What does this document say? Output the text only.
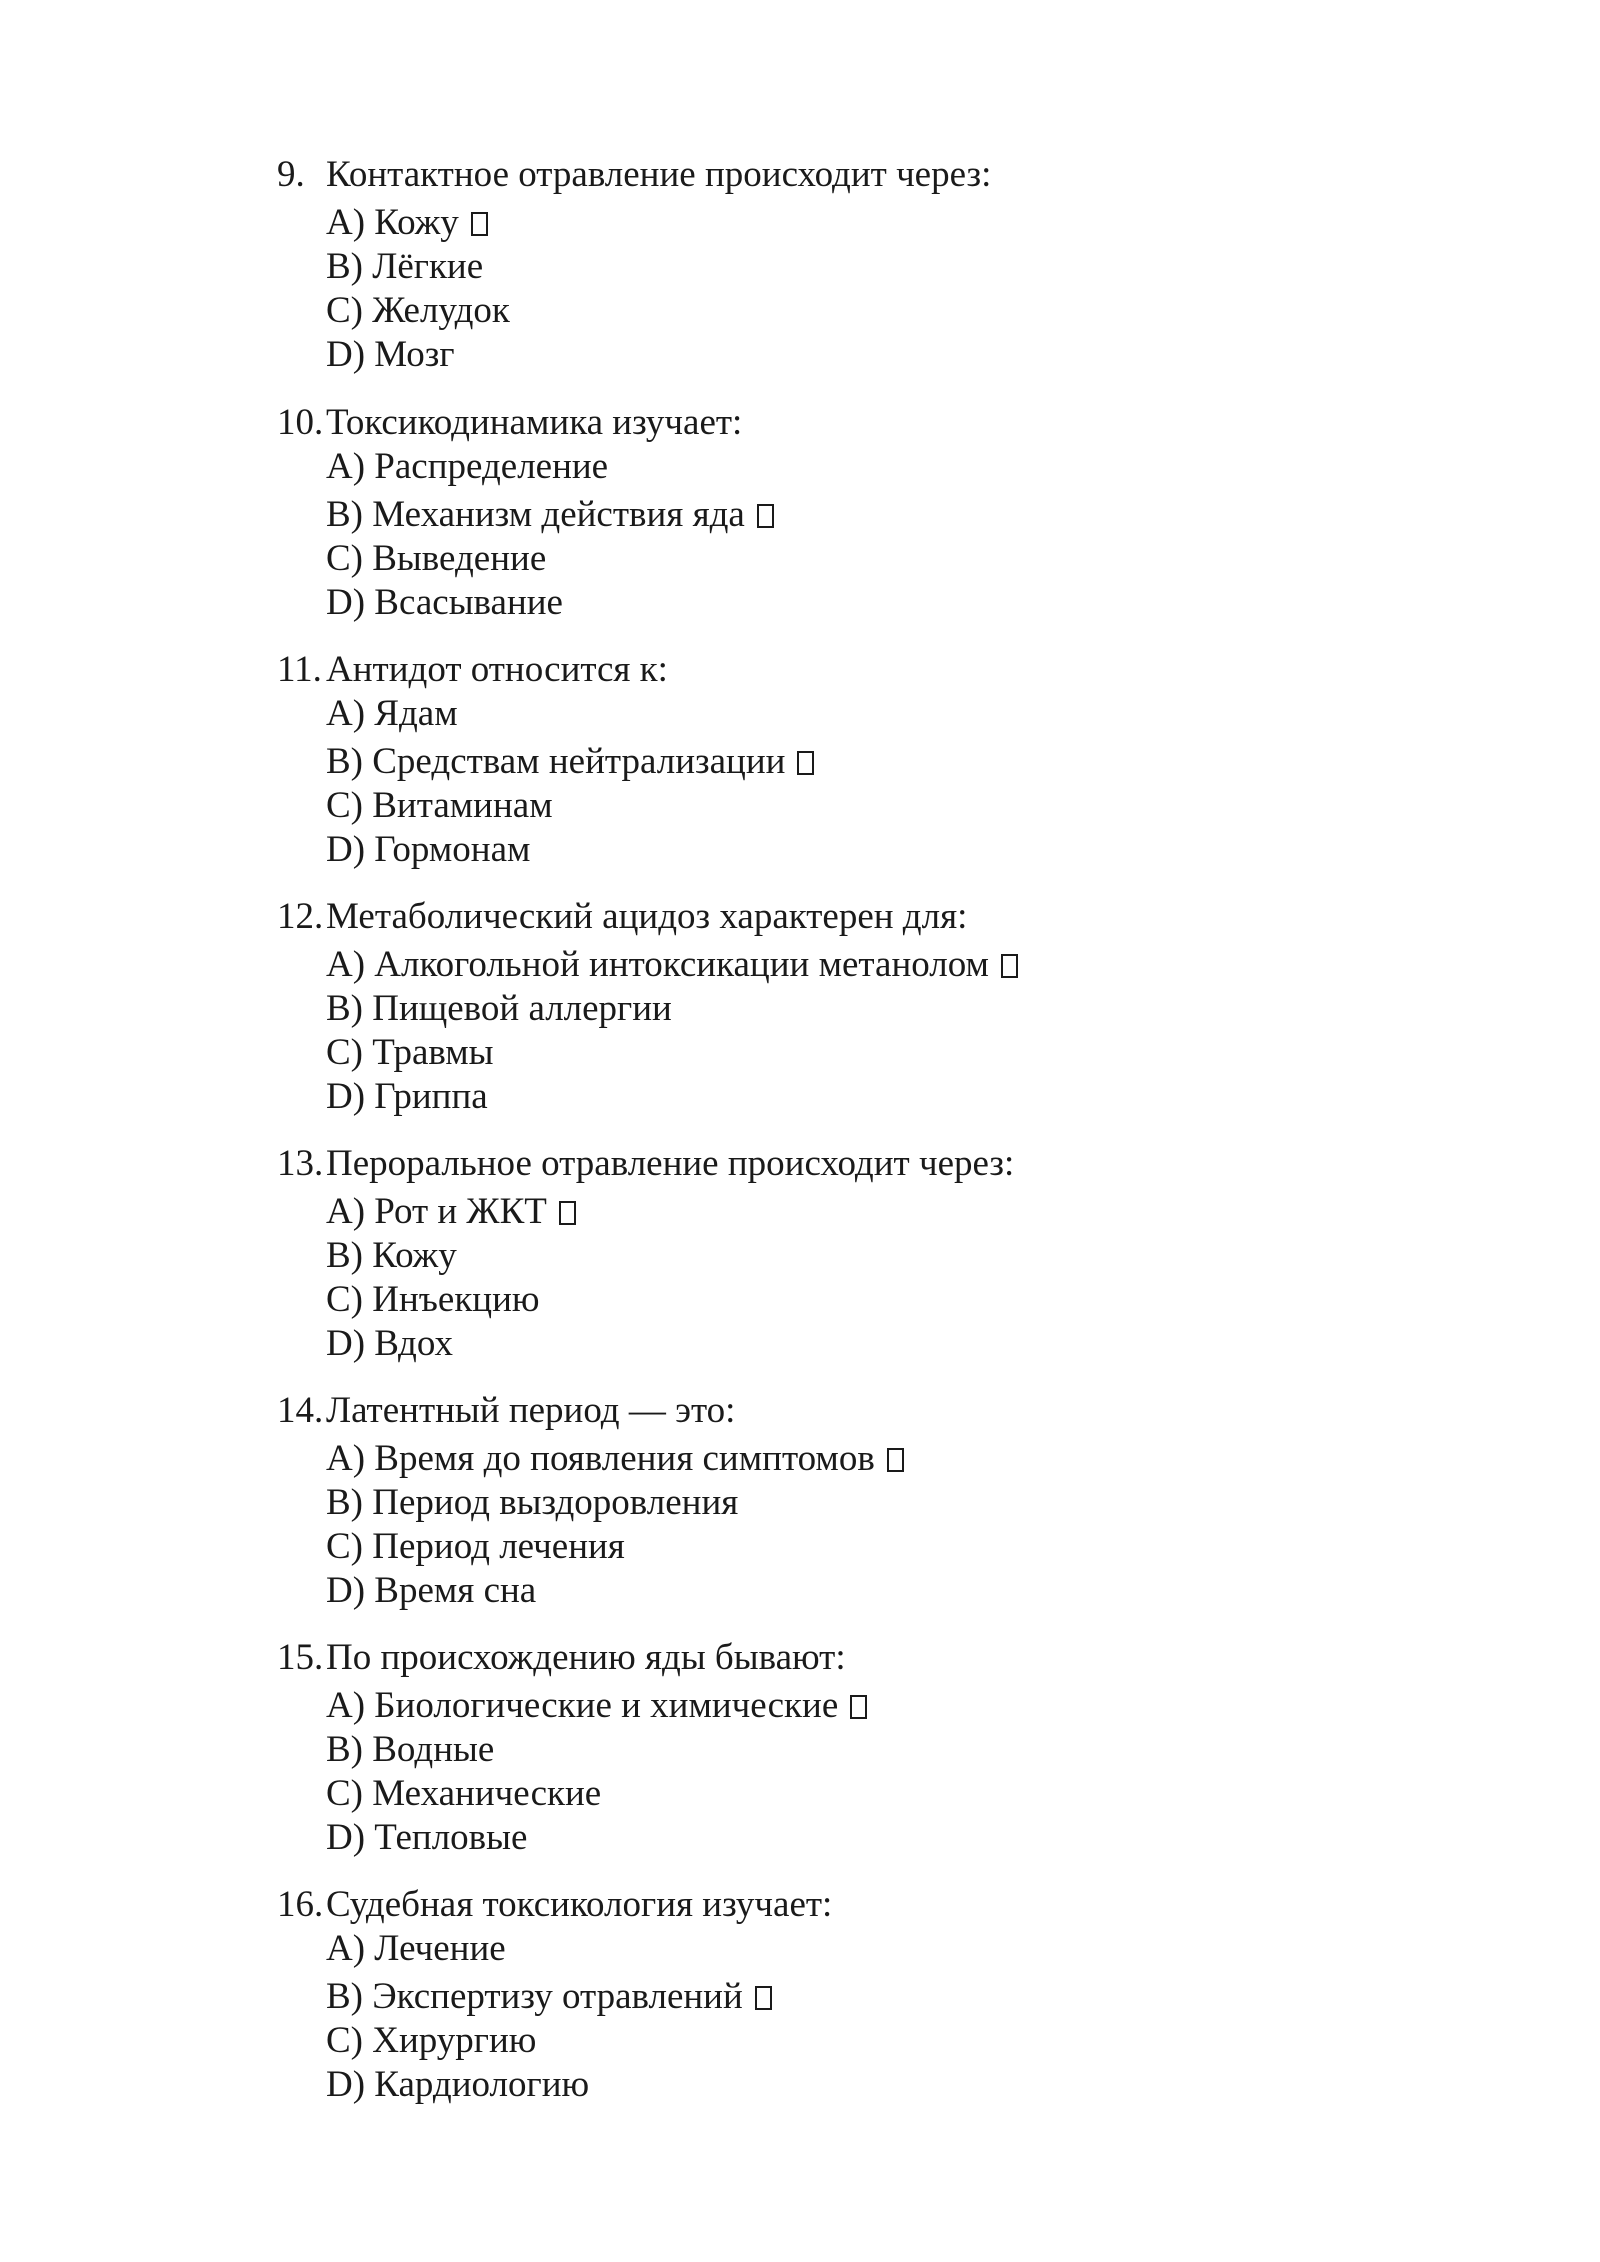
9. Контактное отравление происходит через:
A) Кожу
B) Лёгкие
C) Желудок
D) Мозг
10. Токсикодинамика изучает:
A) Распределение
B) Механизм действия яда
C) Выведение
D) Всасывание
11. Антидот относится к:
A) Ядам
B) Средствам нейтрализации
C) Витаминам
D) Гормонам
12. Метаболический ацидоз характерен для:
A) Алкогольной интоксикации метанолом
B) Пищевой аллергии
C) Травмы
D) Гриппа
13. Пероральное отравление происходит через:
A) Рот и ЖКТ
B) Кожу
C) Инъекцию
D) Вдох
14. Латентный период — это:
A) Время до появления симптомов
B) Период выздоровления
C) Период лечения
D) Время сна
15. По происхождению яды бывают:
A) Биологические и химические
B) Водные
C) Механические
D) Тепловые
16. Судебная токсикология изучает:
A) Лечение
B) Экспертизу отравлений
C) Хирургию
D) Кардиологию
